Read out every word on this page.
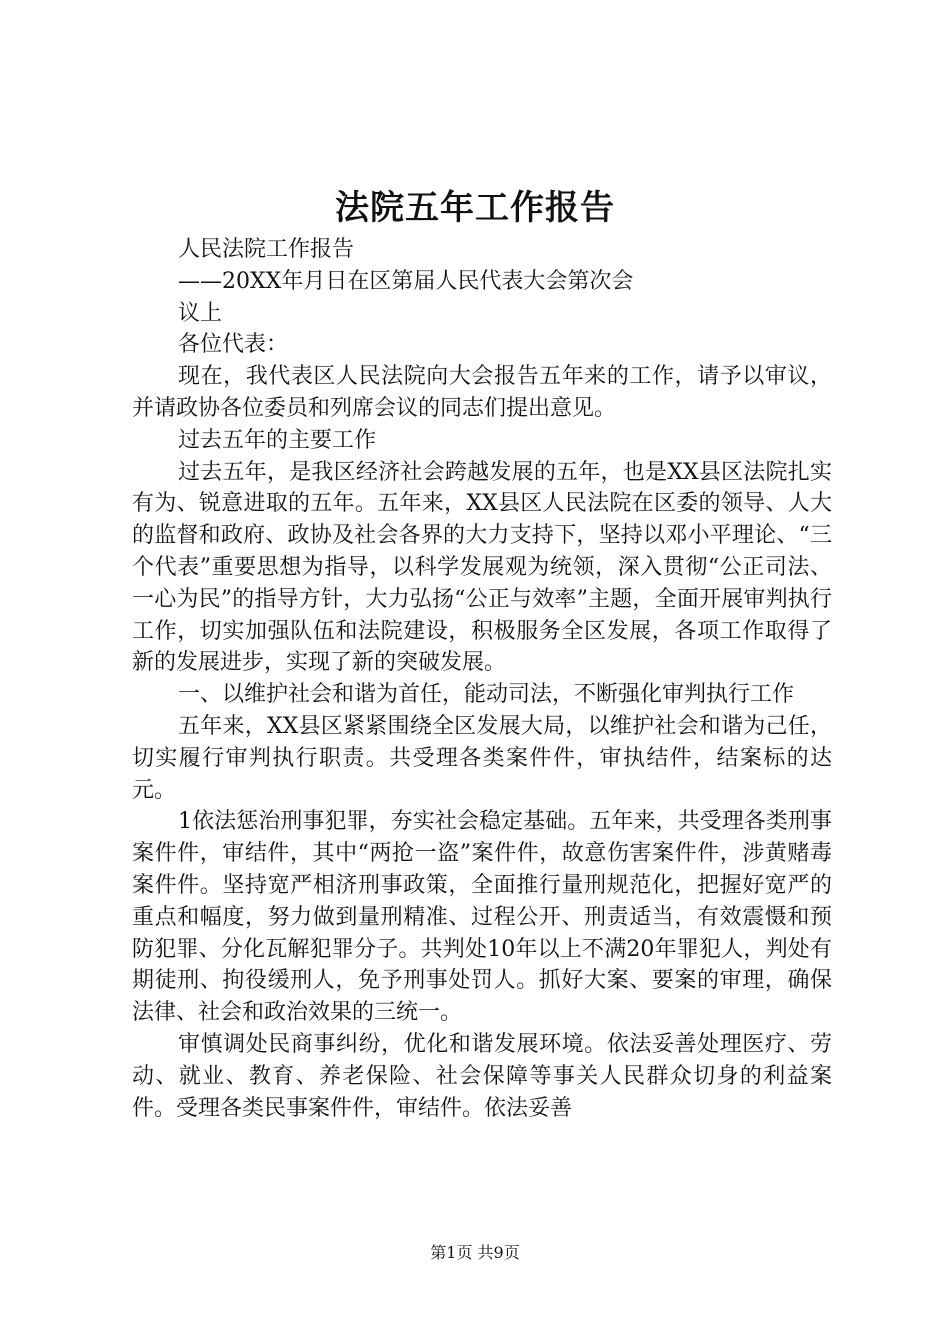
法院五年工作报告

人民法院工作报告

——20XX年月日在区第届人民代表大会第次会

议上

各位代表：

现在，我代表区人民法院向大会报告五年来的工作，请予以审议，并请政协各位委员和列席会议的同志们提出意见。

过去五年的主要工作

过去五年，是我区经济社会跨越发展的五年，也是XX县区法院扎实有为、锐意进取的五年。五年来，XX县区人民法院在区委的领导、人大的监督和政府、政协及社会各界的大力支持下，坚持以邓小平理论、“三个代表”重要思想为指导，以科学发展观为统领，深入贯彻“公正司法、一心为民”的指导方针，大力弘扬“公正与效率”主题，全面开展审判执行工作，切实加强队伍和法院建设，积极服务全区发展，各项工作取得了新的发展进步，实现了新的突破发展。

一、以维护社会和谐为首任，能动司法，不断强化审判执行工作

五年来，XX县区紧紧围绕全区发展大局，以维护社会和谐为己任，切实履行审判执行职责。共受理各类案件件，审执结件，结案标的达元。

1依法惩治刑事犯罪，夯实社会稳定基础。五年来，共受理各类刑事案件件，审结件，其中“两抢一盗”案件件，故意伤害案件件，涉黄赌毒案件件。坚持宽严相济刑事政策，全面推行量刑规范化，把握好宽严的重点和幅度，努力做到量刑精准、过程公开、刑责适当，有效震慑和预防犯罪、分化瓦解犯罪分子。共判处10年以上不满20年罪犯人，判处有期徒刑、拘役缓刑人，免予刑事处罚人。抓好大案、要案的审理，确保法律、社会和政治效果的三统一。

审慎调处民商事纠纷，优化和谐发展环境。依法妥善处理医疗、劳动、就业、教育、养老保险、社会保障等事关人民群众切身的利益案件。受理各类民事案件件，审结件。依法妥善

第1页 共9页
